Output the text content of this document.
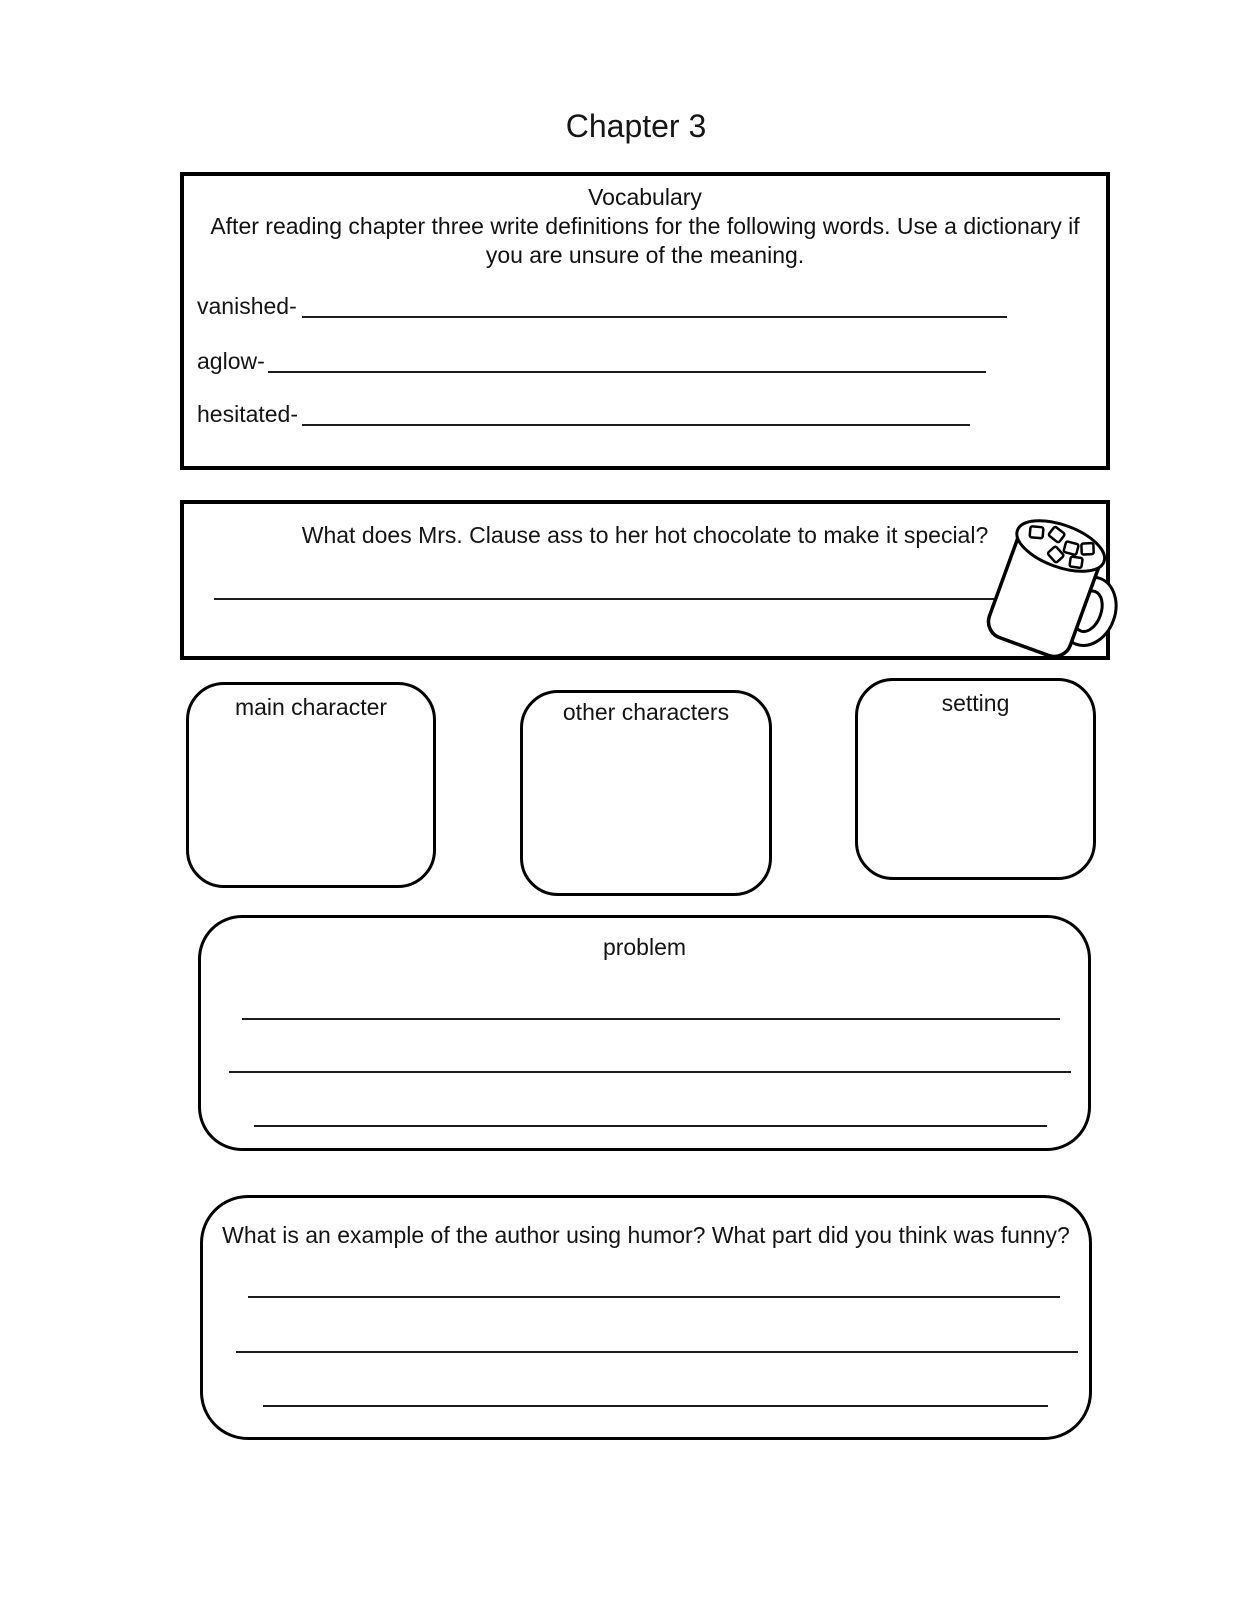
Chapter 3
Vocabulary
After reading chapter three write definitions for the following words. Use a dictionary if you are unsure of the meaning.
vanished-
aglow-
hesitated-
What does Mrs. Clause ass to her hot chocolate to make it special?
main character	other characters	setting
problem
What is an example of the author using humor? What part did you think was funny?
